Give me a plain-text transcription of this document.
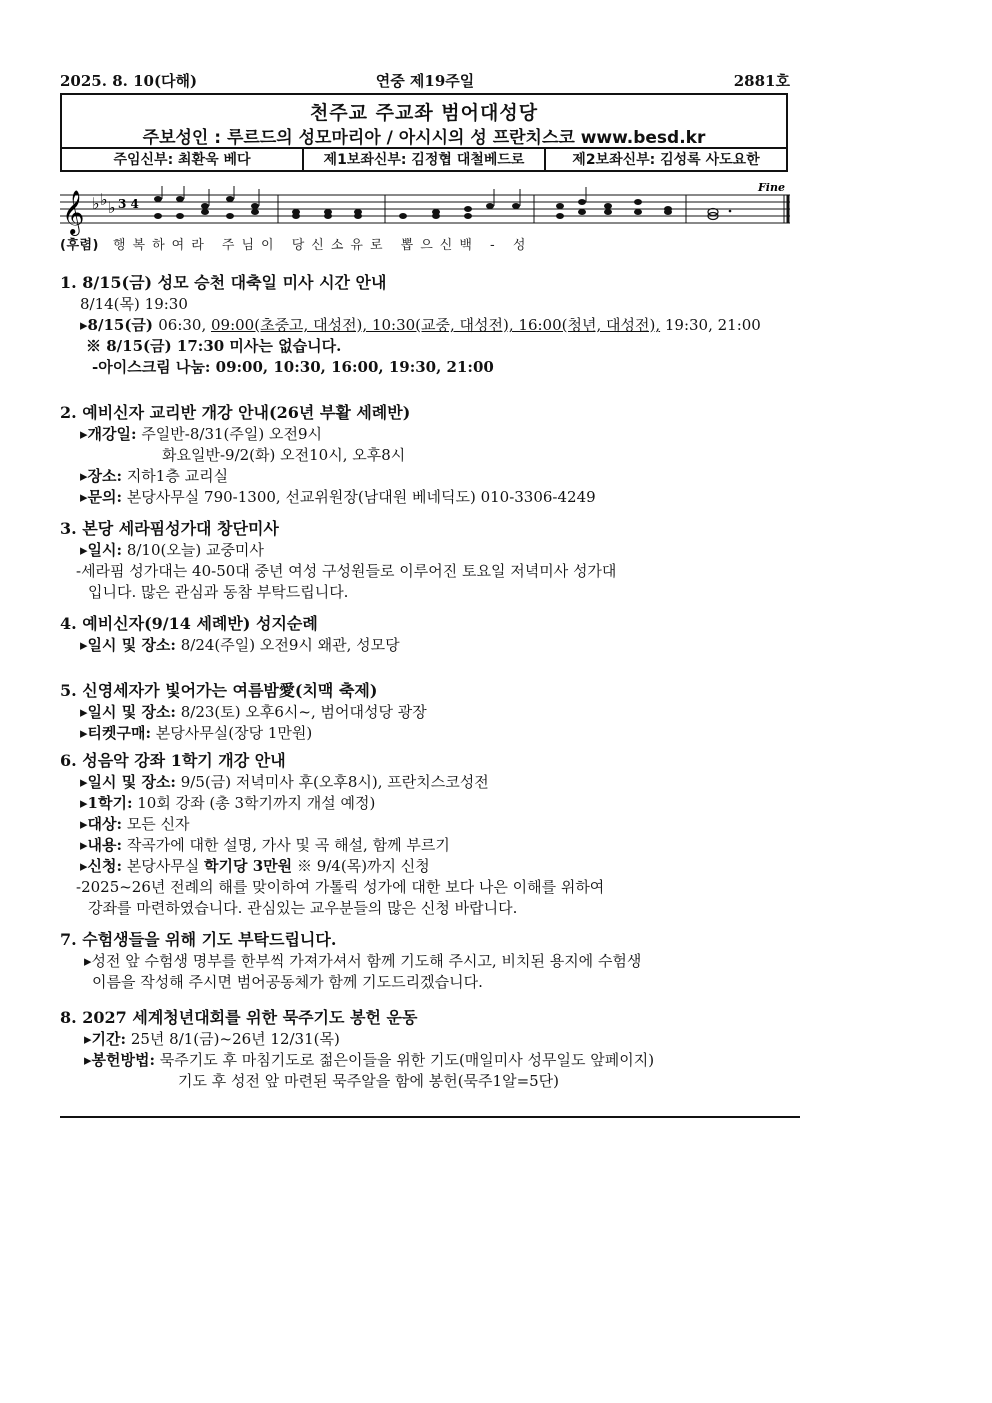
2025. 8. 10(다해)	연중 제19주일	2881호
천주교 주교좌 범어대성당
주보성인 : 루르드의 성모마리아 / 아시시의 성 프란치스코 www.besd.kr
주임신부: 최환욱 베다	제1보좌신부: 김정협 대철베드로	제2보좌신부: 김성록 사도요한
𝄞 ♭ ♭ ♭ 3 4
Fine
(후렴) 행복하여라 주님이 당신소유로 뽑으신백 - 성
1. 8/15(금) 성모 승천 대축일 미사 시간 안내
8/14(목) 19:30
▸8/15(금) 06:30, 09:00(초중고, 대성전), 10:30(교중, 대성전), 16:00(청년, 대성전), 19:30, 21:00
※ 8/15(금) 17:30 미사는 없습니다.
-아이스크림 나눔: 09:00, 10:30, 16:00, 19:30, 21:00
2. 예비신자 교리반 개강 안내(26년 부활 세례반)
▸개강일: 주일반-8/31(주일) 오전9시
화요일반-9/2(화) 오전10시, 오후8시
▸장소: 지하1층 교리실
▸문의: 본당사무실 790-1300, 선교위원장(남대원 베네딕도) 010-3306-4249
3. 본당 세라핌성가대 창단미사
▸일시: 8/10(오늘) 교중미사
-세라핌 성가대는 40-50대 중년 여성 구성원들로 이루어진 토요일 저녁미사 성가대
입니다. 많은 관심과 동참 부탁드립니다.
4. 예비신자(9/14 세례반) 성지순례
▸일시 및 장소: 8/24(주일) 오전9시 왜관, 성모당
5. 신영세자가 빛어가는 여름밤愛(치맥 축제)
▸일시 및 장소: 8/23(토) 오후6시~, 범어대성당 광장
▸티켓구매: 본당사무실(장당 1만원)
6. 성음악 강좌 1학기 개강 안내
▸일시 및 장소: 9/5(금) 저녁미사 후(오후8시), 프란치스코성전
▸1학기: 10회 강좌 (총 3학기까지 개설 예정)
▸대상: 모든 신자
▸내용: 작곡가에 대한 설명, 가사 및 곡 해설, 함께 부르기
▸신청: 본당사무실 학기당 3만원 ※ 9/4(목)까지 신청
-2025~26년 전례의 해를 맞이하여 가톨릭 성가에 대한 보다 나은 이해를 위하여
강좌를 마련하였습니다. 관심있는 교우분들의 많은 신청 바랍니다.
7. 수험생들을 위해 기도 부탁드립니다.
▸성전 앞 수험생 명부를 한부씩 가져가셔서 함께 기도해 주시고, 비치된 용지에 수험생
이름을 작성해 주시면 범어공동체가 함께 기도드리겠습니다.
8. 2027 세계청년대회를 위한 묵주기도 봉헌 운동
▸기간: 25년 8/1(금)~26년 12/31(목)
▸봉헌방법: 묵주기도 후 마침기도로 젊은이들을 위한 기도(매일미사 성무일도 앞페이지)
기도 후 성전 앞 마련된 묵주알을 함에 봉헌(묵주1알=5단)
